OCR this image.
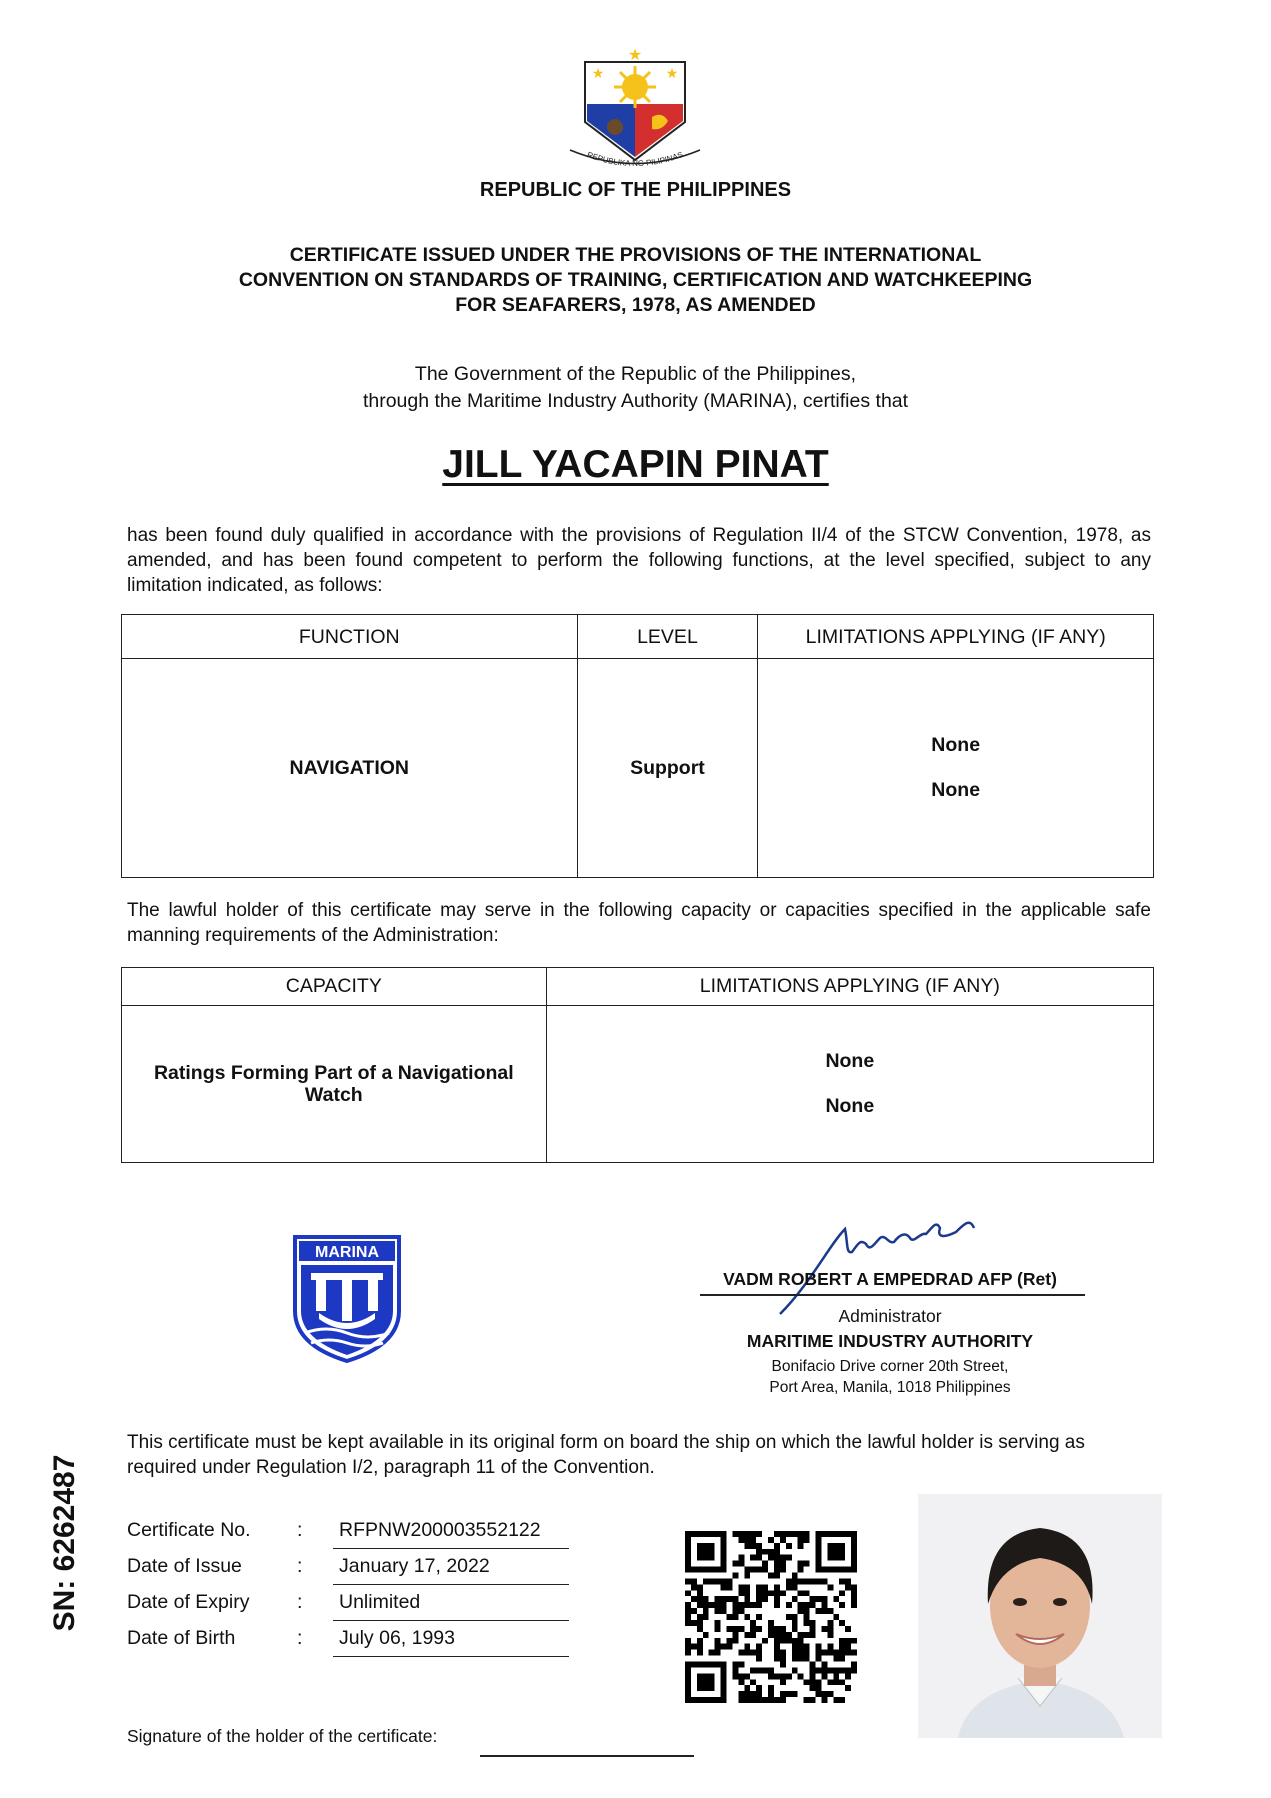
★
★	★
REPUBLIKA NG PILIPINAS
REPUBLIC OF THE PHILIPPINES
CERTIFICATE ISSUED UNDER THE PROVISIONS OF THE INTERNATIONAL
CONVENTION ON STANDARDS OF TRAINING, CERTIFICATION AND WATCHKEEPING
FOR SEAFARERS, 1978, AS AMENDED
The Government of the Republic of the Philippines,
through the Maritime Industry Authority (MARINA), certifies that
JILL YACAPIN PINAT
has been found duly qualified in accordance with the provisions of Regulation II/4 of the STCW Convention, 1978, as amended, and has been found competent to perform the following functions, at the level specified, subject to any limitation indicated, as follows:
FUNCTION	LEVEL	LIMITATIONS APPLYING (IF ANY)
NAVIGATION	Support	None
None
The lawful holder of this certificate may serve in the following capacity or capacities specified in the applicable safe manning requirements of the Administration:
CAPACITY	LIMITATIONS APPLYING (IF ANY)
Ratings Forming Part of a Navigational Watch	None
None
MARINA
VADM ROBERT A EMPEDRAD AFP (Ret)
Administrator
MARITIME INDUSTRY AUTHORITY
Bonifacio Drive corner 20th Street,
Port Area, Manila, 1018 Philippines
This certificate must be kept available in its original form on board the ship on which the lawful holder is serving as required under Regulation I/2, paragraph 11 of the Convention.
SN: 6262487	Certificate No.	:	RFPNW200003552122
Date of Issue	:	January 17, 2022
Date of Expiry	:	Unlimited
Date of Birth	:	July 06, 1993
Signature of the holder of the certificate:
